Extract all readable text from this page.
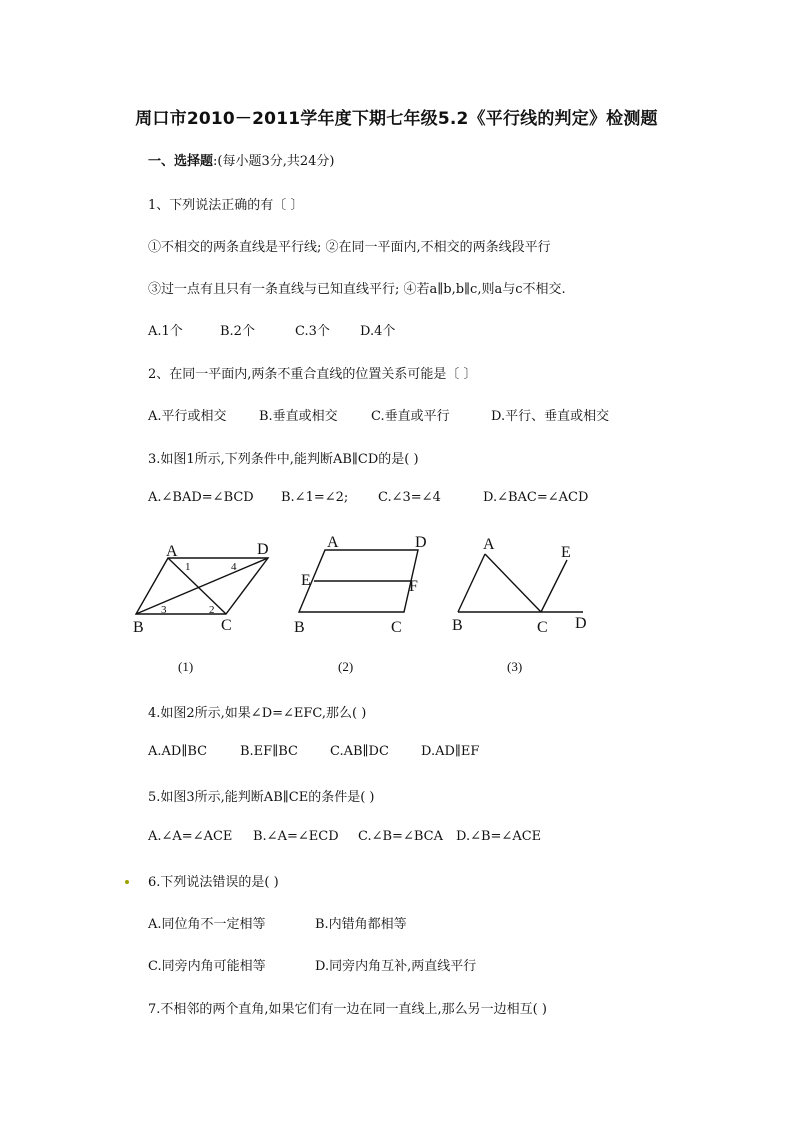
周口市2010－2011学年度下期七年级5.2《平行线的判定》检测题
一、选择题:(每小题3分,共24分)
1、下列说法正确的有〔 〕
①不相交的两条直线是平行线; ②在同一平面内,不相交的两条线段平行
③过一点有且只有一条直线与已知直线平行; ④若a∥b,b∥c,则a与c不相交.
A.1个	B.2个	C.3个 D.4个
2、在同一平面内,两条不重合直线的位置关系可能是〔 〕
A.平行或相交 B.垂直或相交	C.垂直或平行	D.平行、垂直或相交
3.如图1所示,下列条件中,能判断AB∥CD的是( )
A.∠BAD=∠BCD B.∠1=∠2; C.∠3=∠4	D.∠BAC=∠ACD
A	D
B	C
1	4
3	2
(1)
A	D
E	F
B	C
(2)
A	E
B	C D
(3)
4.如图2所示,如果∠D=∠EFC,那么( )
A.AD∥BC	B.EF∥BC C.AB∥DC D.AD∥EF
5.如图3所示,能判断AB∥CE的条件是( )
A.∠A=∠ACE B.∠A=∠ECD C.∠B=∠BCA D.∠B=∠ACE
6.下列说法错误的是( )
A.同位角不一定相等	B.内错角都相等
C.同旁内角可能相等	D.同旁内角互补,两直线平行
7.不相邻的两个直角,如果它们有一边在同一直线上,那么另一边相互( )
